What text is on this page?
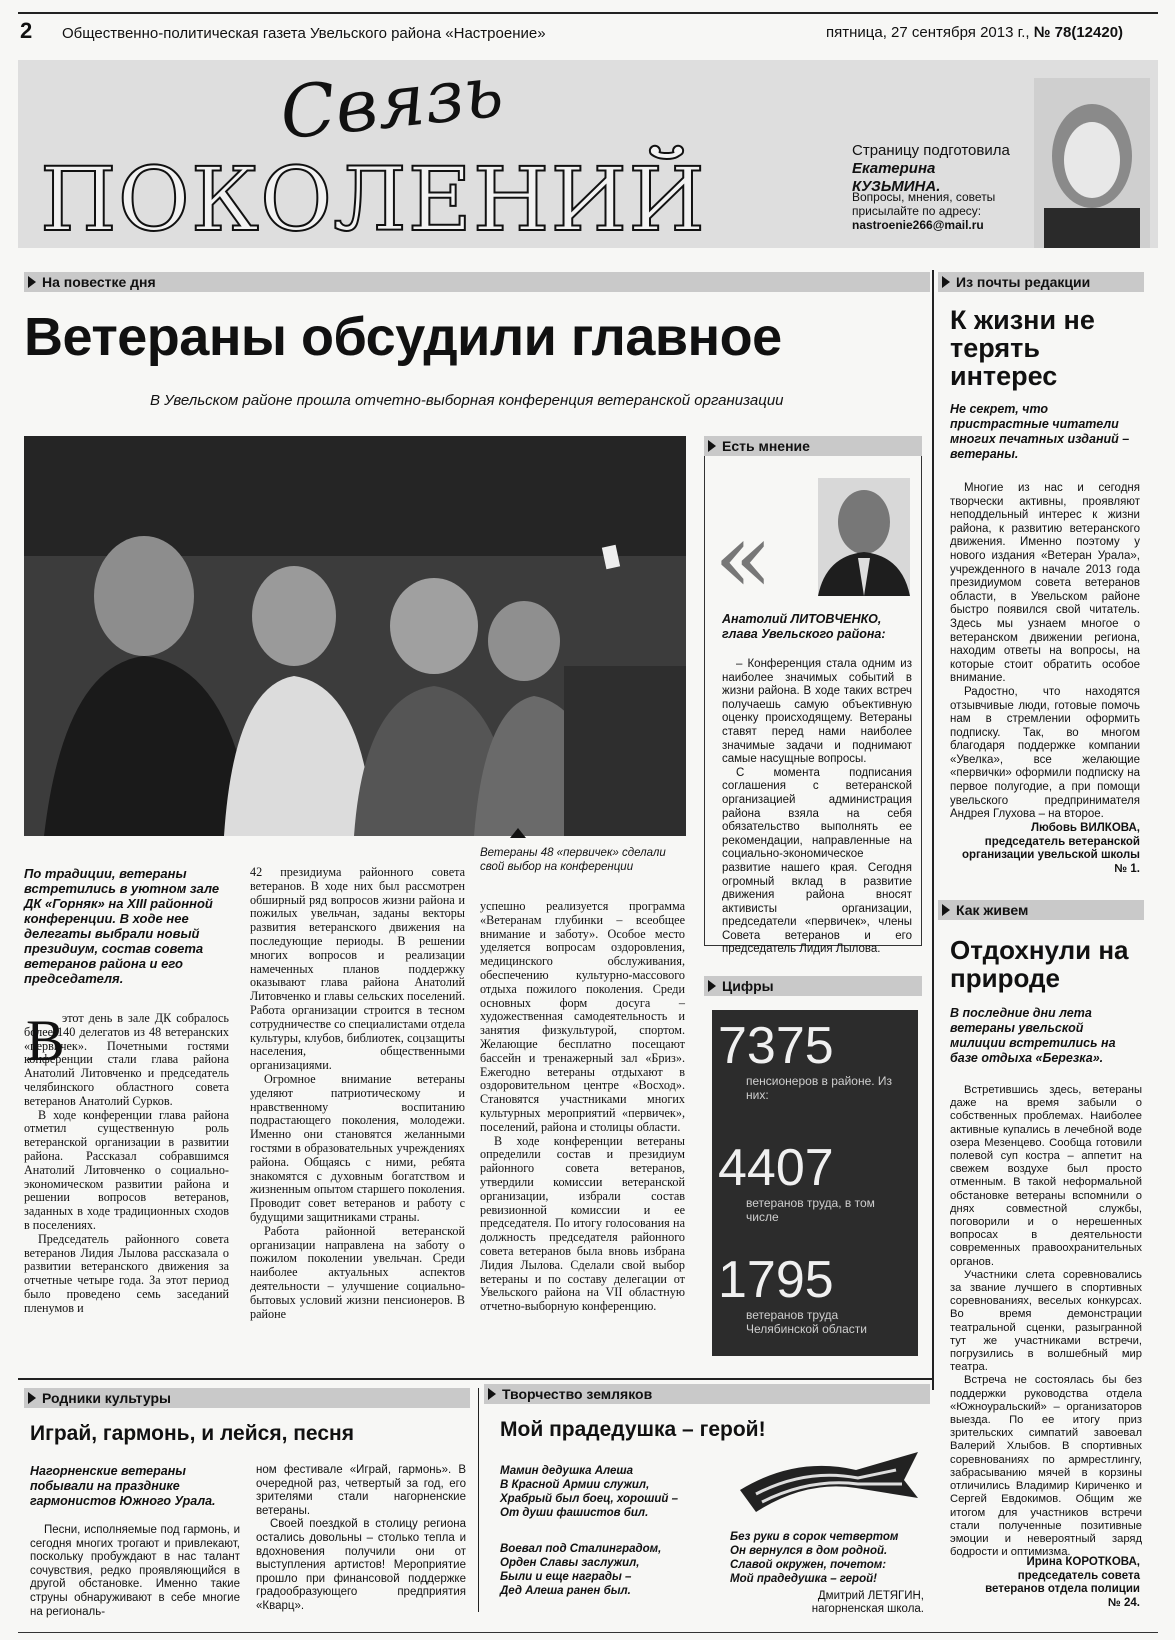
2 Общественно-политическая газета Увельского района «Настроение»	пятница, 27 сентября 2013 г., № 78(12420)
Связь
ПОКОЛЕНИЙ	Страницу подготовила
Екатерина КУЗЬМИНА.
Вопросы, мнения, советы присылайте по адресу:
nastroenie266@mail.ru
На повестке дня
Ветераны обсудили главное
В Увельском районе прошла отчетно-выборная конференция ветеранской организации
Ветераны 48 «первичек» сделали свой выбор на конференции
По традиции, ветераны встретились в уютном зале ДК «Горняк» на XIII районной конференции. В ходе нее делегаты выбрали новый президиум, состав совета ветеранов района и его председателя.
В

этот день в зале ДК собралось более 140 делегатов из 48 ветеранских «первичек». Почетными гостями конференции стали глава района Анатолий Литовченко и председатель челябинского областного совета ветеранов Анатолий Сурков.

В ходе конференции глава района отметил существенную роль ветеранской организации в развитии района. Рассказал собравшимся Анатолий Литовченко о социально-экономическом развитии района и решении вопросов ветеранов, заданных в ходе традиционных сходов в поселениях.

Председатель районного совета ветеранов Лидия Лылова рассказала о развитии ветеранского движения за отчетные четыре года. За этот период было проведено семь заседаний пленумов и

42 президиума районного совета ветеранов. В ходе них был рассмотрен обширный ряд вопросов жизни района и пожилых увельчан, заданы векторы развития ветеранского движения на последующие периоды. В решении многих вопросов и реализации намеченных планов поддержку оказывают глава района Анатолий Литовченко и главы сельских поселений. Работа организации строится в тесном сотрудничестве со специалистами отдела культуры, клубов, библиотек, соцзащиты населения, общественными организациями.

Огромное внимание ветераны уделяют патриотическому и нравственному воспитанию подрастающего поколения, молодежи. Именно они становятся желанными гостями в образовательных учреждениях района. Общаясь с ними, ребята знакомятся с духовным богатством и жизненным опытом старшего поколения. Проводит совет ветеранов и работу с будущими защитниками страны.

Работа районной ветеранской организации направлена на заботу о пожилом поколении увельчан. Среди наиболее актуальных аспектов деятельности – улучшение социально-бытовых условий жизни пенсионеров. В районе

успешно реализуется программа «Ветеранам глубинки – всеобщее внимание и заботу». Особое место уделяется вопросам оздоровления, медицинского обслуживания, обеспечению культурно-массового отдыха пожилого поколения. Среди основных форм досуга – художественная самодеятельность и занятия физкультурой, спортом. Желающие бесплатно посещают бассейн и тренажерный зал «Бриз». Ежегодно ветераны отдыхают в оздоровительном центре «Восход». Становятся участниками многих культурных мероприятий «первичек», поселений, района и столицы области.

В ходе конференции ветераны определили состав и президиум районного совета ветеранов, утвердили комиссии ветеранской организации, избрали состав ревизионной комиссии и ее председателя. По итогу голосования на должность председателя районного совета ветеранов была вновь избрана Лидия Лылова. Сделали свой выбор ветераны и по составу делегации от Увельского района на VII областную отчетно-выборную конференцию.

Есть мнение
«
Анатолий ЛИТОВЧЕНКО, глава Увельского района:

– Конференция стала одним из наиболее значимых событий в жизни района. В ходе таких встреч получаешь самую объективную оценку происходящему. Ветераны ставят перед нами наиболее значимые задачи и поднимают самые насущные вопросы.

С момента подписания соглашения с ветеранской организацией администрация района взяла на себя обязательство выполнять ее рекомендации, направленные на социально-экономическое развитие нашего края. Сегодня огромный вклад в развитие движения района вносят активисты организации, председатели «первичек», члены Совета ветеранов и его председатель Лидия Лылова.

Цифры
7375
пенсионеров в районе. Из них:
4407
ветеранов труда, в том числе
1795
ветеранов труда Челябинской области
Из почты редакции
К жизни не терять интерес
Не секрет, что пристрастные читатели многих печатных изданий – ветераны.

Многие из нас и сегодня творчески активны, проявляют неподдельный интерес к жизни района, к развитию ветеранского движения. Именно поэтому у нового издания «Ветеран Урала», учрежденного в начале 2013 года президиумом совета ветеранов области, в Увельском районе быстро появился свой читатель. Здесь мы узнаем многое о ветеранском движении региона, находим ответы на вопросы, на которые стоит обратить особое внимание.

Радостно, что находятся отзывчивые люди, готовые помочь нам в стремлении оформить подписку. Так, во многом благодаря поддержке компании «Увелка», все желающие «первички» оформили подписку на первое полугодие, а при помощи увельского предпринимателя Андрея Глухова – на второе.

Любовь ВИЛКОВА, председатель ветеранской организации увельской школы № 1.
Как живем
Отдохнули на природе
В последние дни лета ветераны увельской милиции встретились на базе отдыха «Березка».

Встретившись здесь, ветераны даже на время забыли о собственных проблемах. Наиболее активные купались в лечебной воде озера Мезенцево. Сообща готовили полевой суп костра – аппетит на свежем воздухе был просто отменным. В такой неформальной обстановке ветераны вспомнили о днях совместной службы, поговорили и о нерешенных вопросах в деятельности современных правоохранительных органов.

Участники слета соревновались за звание лучшего в спортивных соревнованиях, веселых конкурсах. Во время демонстрации театральной сценки, разыгранной тут же участниками встречи, погрузились в волшебный мир театра.

Встреча не состоялась бы без поддержки руководства отдела «Южноуральский» – организаторов выезда. По ее итогу приз зрительских симпатий завоевал Валерий Хлыбов. В спортивных соревнованиях по армрестлингу, забрасыванию мячей в корзины отличились Владимир Кириченко и Сергей Евдокимов. Общим же итогом для участников встречи стали полученные позитивные эмоции и невероятный заряд бодрости и оптимизма.

Ирина КОРОТКОВА, председатель совета ветеранов отдела полиции № 24.
Родники культуры
Играй, гармонь, и лейся, песня
Нагорненские ветераны побывали на празднике гармонистов Южного Урала.

Песни, исполняемые под гармонь, и сегодня многих трогают и привлекают, поскольку пробуждают в нас талант сочувствия, редко проявляющийся в другой обстановке. Именно такие струны обнаруживают в себе многие на региональ-

ном фестивале «Играй, гармонь». В очередной раз, четвертый за год, его зрителями стали нагорненские ветераны.

Своей поездкой в столицу региона остались довольны – столько тепла и вдохновения получили они от выступления артистов! Мероприятие прошло при финансовой поддержке градообразующего предприятия «Кварц».

Творчество земляков
Мой прадедушка – герой!
Мамин дедушка Алеша
В Красной Армии служил,
Храбрый был боец, хороший –
От души фашистов бил.
Воевал под Сталинградом,
Орден Славы заслужил,
Были и еще награды –
Дед Алеша ранен был.
Без руки в сорок четвертом
Он вернулся в дом родной.
Славой окружен, почетом:
Мой прадедушка – герой!
Дмитрий ЛЕТЯГИН, нагорненская школа.
